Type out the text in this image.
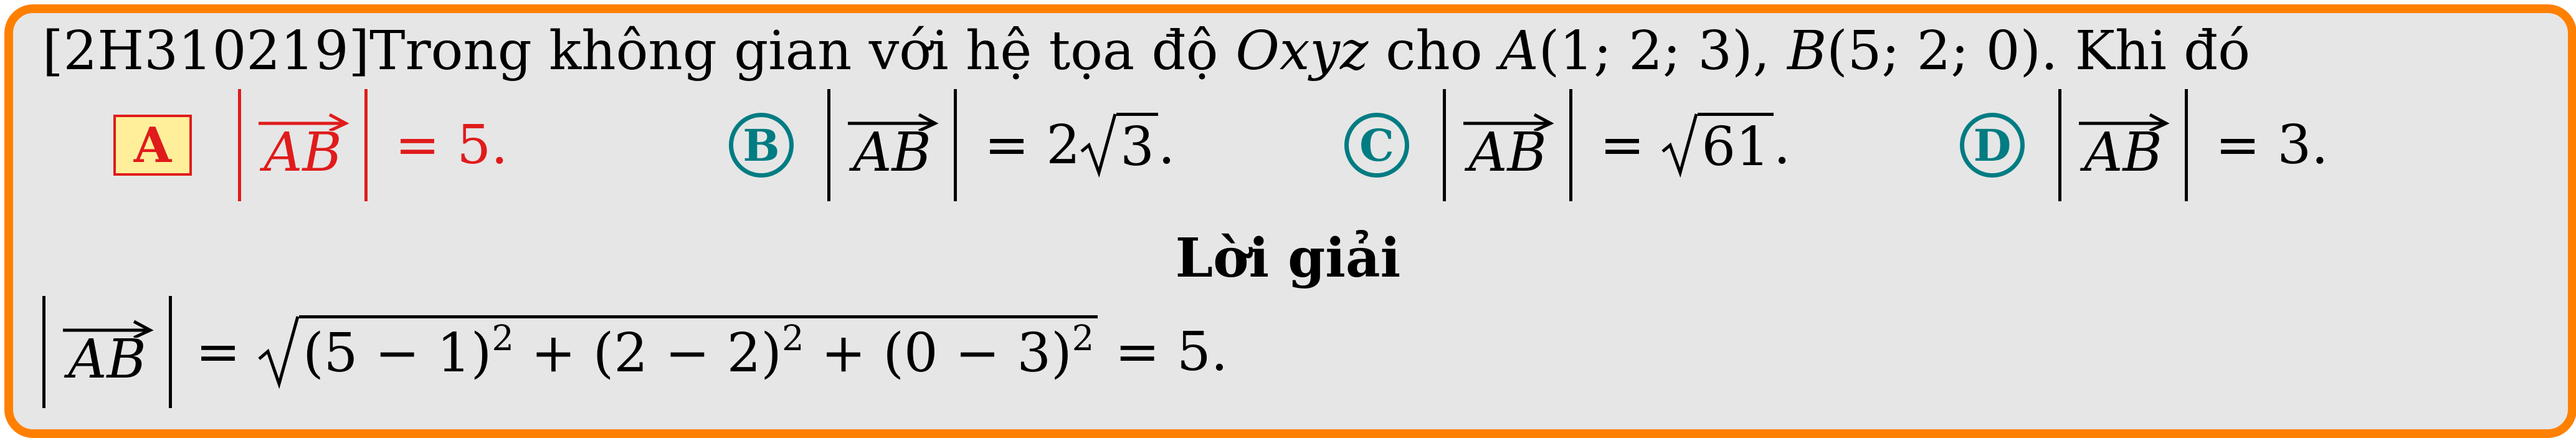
[2H310219]Trong không gian với hệ tọa độ Oxyz cho A(1; 2; 3), B(5; 2; 0). Khi đó
A	AB = 5.	B AB = 2 3 .	C AB = 61 .	D AB = 3.
Lời giải
AB = $(5 - 1)^2 + (2 - 2)^2 + (0 - 3)^2 = 5$.
